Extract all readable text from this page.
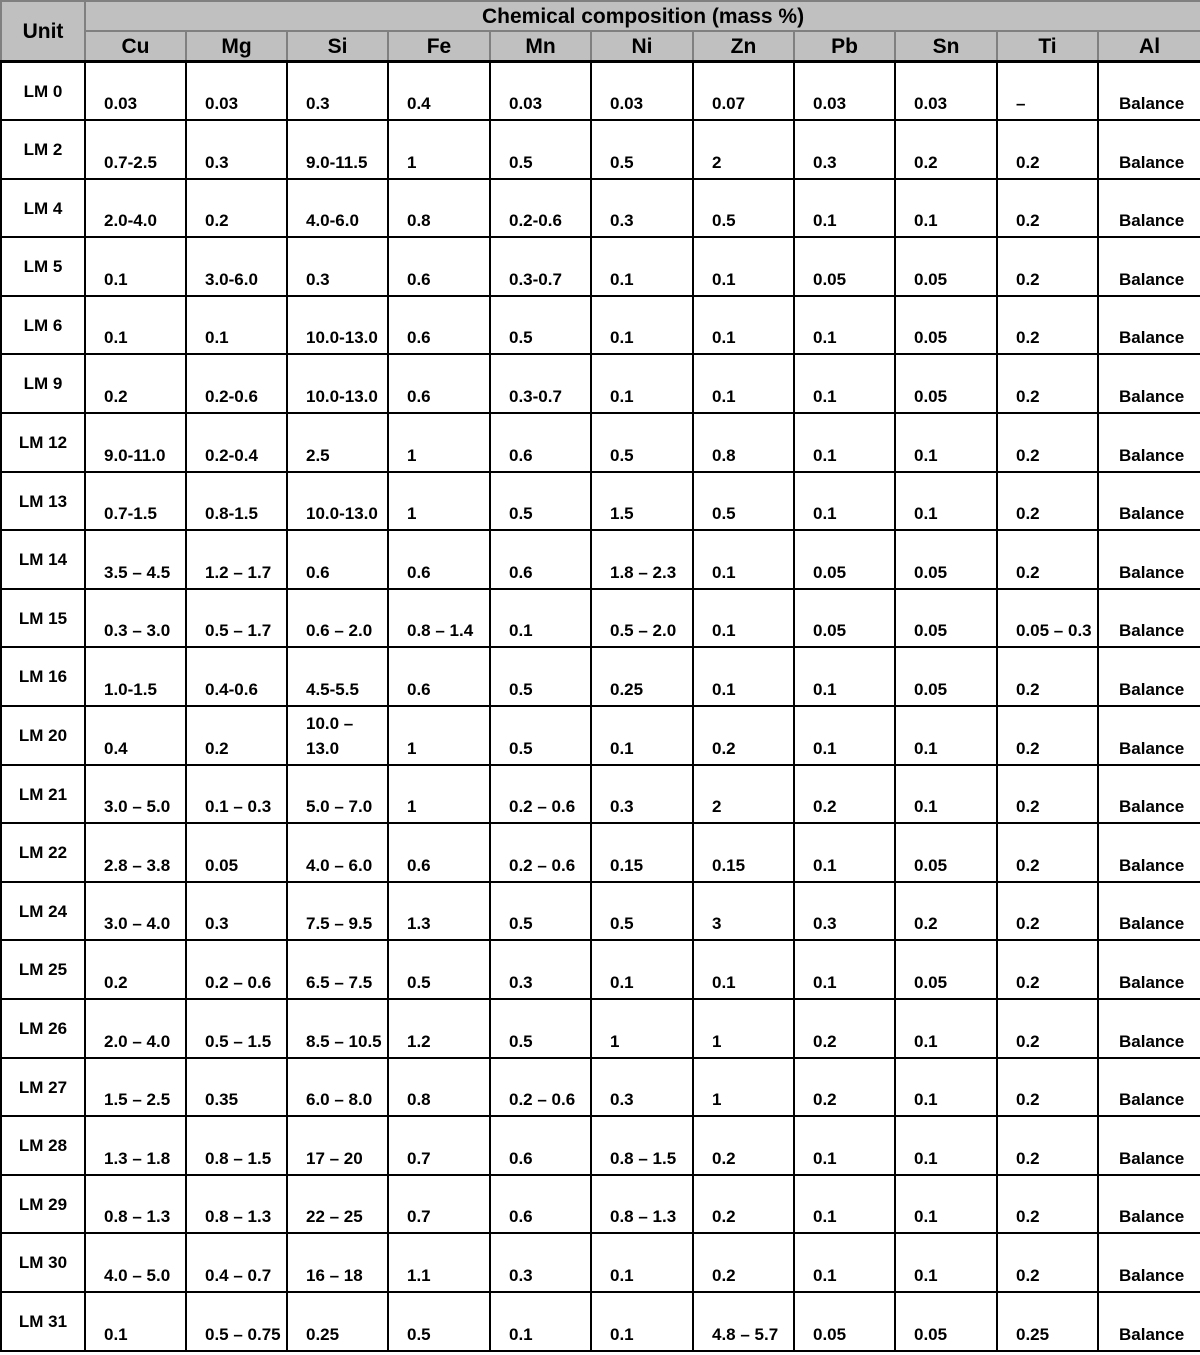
Unit	Chemical composition (mass %)										
	Cu	Mg	Si	Fe	Mn	Ni	Zn	Pb	Sn	Ti	Al
LM 0	0.03	0.03	0.3	0.4	0.03	0.03	0.07	0.03	0.03	–	Balance

LM 2	0.7-2.5	0.3	9.0-11.5	1	0.5	0.5	2	0.3	0.2	0.2	Balance

LM 4	2.0-4.0	0.2	4.0-6.0	0.8	0.2-0.6	0.3	0.5	0.1	0.1	0.2	Balance

LM 5	0.1	3.0-6.0	0.3	0.6	0.3-0.7	0.1	0.1	0.05	0.05	0.2	Balance

LM 6	0.1	0.1	10.0-13.0	0.6	0.5	0.1	0.1	0.1	0.05	0.2	Balance

LM 9	0.2	0.2-0.6	10.0-13.0	0.6	0.3-0.7	0.1	0.1	0.1	0.05	0.2	Balance

LM 12	9.0-11.0	0.2-0.4	2.5	1	0.6	0.5	0.8	0.1	0.1	0.2	Balance

LM 13	0.7-1.5	0.8-1.5	10.0-13.0	1	0.5	1.5	0.5	0.1	0.1	0.2	Balance

LM 14	3.5 – 4.5	1.2 – 1.7	0.6	0.6	0.6	1.8 – 2.3	0.1	0.05	0.05	0.2	Balance

LM 15	0.3 – 3.0	0.5 – 1.7	0.6 – 2.0	0.8 – 1.4	0.1	0.5 – 2.0	0.1	0.05	0.05	0.05 – 0.3	Balance

LM 16	1.0-1.5	0.4-0.6	4.5-5.5	0.6	0.5	0.25	0.1	0.1	0.05	0.2	Balance

LM 20	0.4	0.2	10.0 – 13.0	1	0.5	0.1	0.2	0.1	0.1	0.2	Balance

LM 21	3.0 – 5.0	0.1 – 0.3	5.0 – 7.0	1	0.2 – 0.6	0.3	2	0.2	0.1	0.2	Balance

LM 22	2.8 – 3.8	0.05	4.0 – 6.0	0.6	0.2 – 0.6	0.15	0.15	0.1	0.05	0.2	Balance

LM 24	3.0 – 4.0	0.3	7.5 – 9.5	1.3	0.5	0.5	3	0.3	0.2	0.2	Balance

LM 25	0.2	0.2 – 0.6	6.5 – 7.5	0.5	0.3	0.1	0.1	0.1	0.05	0.2	Balance

LM 26	2.0 – 4.0	0.5 – 1.5	8.5 – 10.5	1.2	0.5	1	1	0.2	0.1	0.2	Balance

LM 27	1.5 – 2.5	0.35	6.0 – 8.0	0.8	0.2 – 0.6	0.3	1	0.2	0.1	0.2	Balance

LM 28	1.3 – 1.8	0.8 – 1.5	17 – 20	0.7	0.6	0.8 – 1.5	0.2	0.1	0.1	0.2	Balance

LM 29	0.8 – 1.3	0.8 – 1.3	22 – 25	0.7	0.6	0.8 – 1.3	0.2	0.1	0.1	0.2	Balance

LM 30	4.0 – 5.0	0.4 – 0.7	16 – 18	1.1	0.3	0.1	0.2	0.1	0.1	0.2	Balance

LM 31	0.1	0.5 – 0.75	0.25	0.5	0.1	0.1	4.8 – 5.7	0.05	0.05	0.25	Balance
